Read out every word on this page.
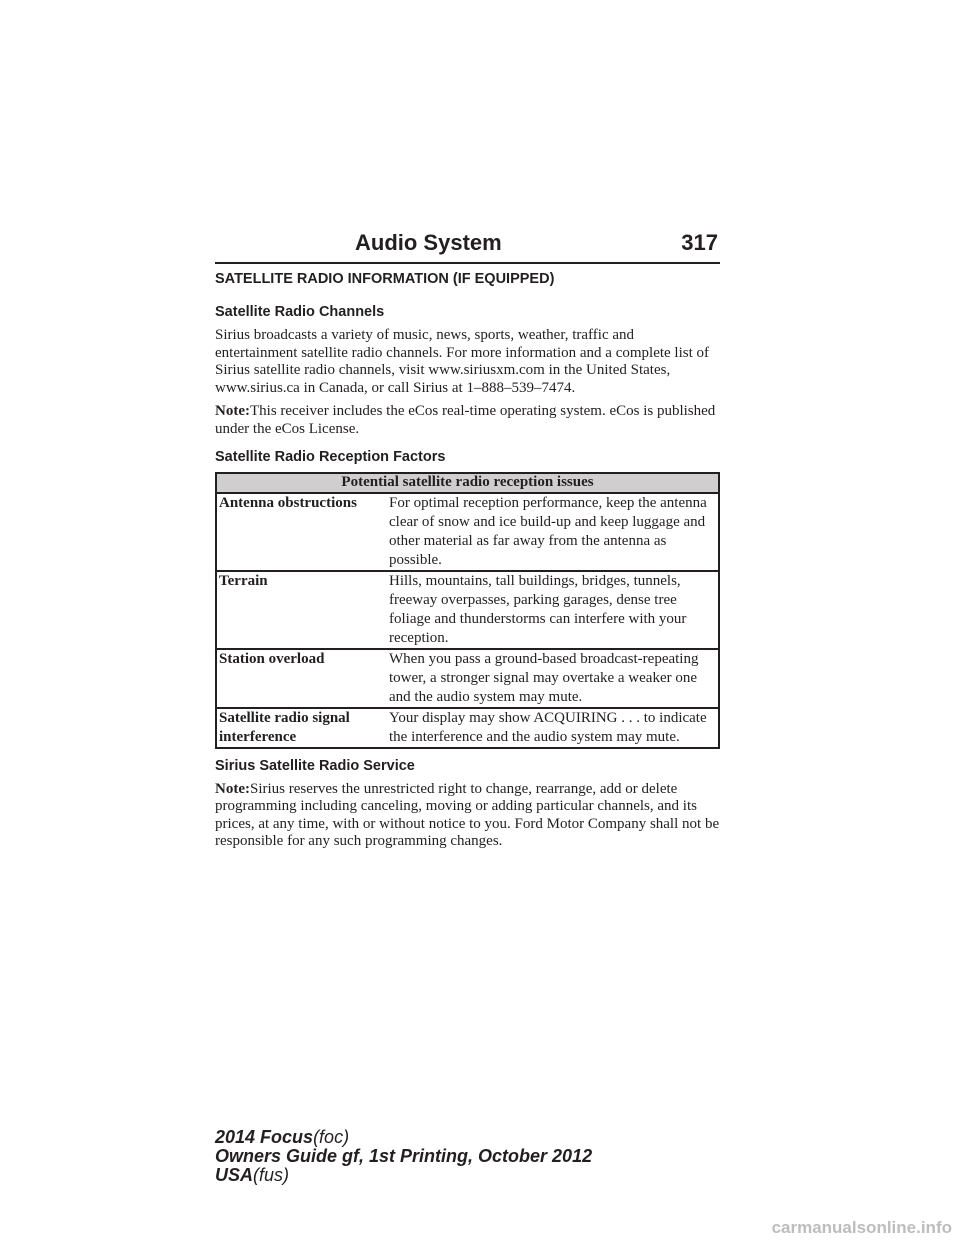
Audio System	317
SATELLITE RADIO INFORMATION (IF EQUIPPED)
Satellite Radio Channels

Sirius broadcasts a variety of music, news, sports, weather, traffic and entertainment satellite radio channels. For more information and a complete list of Sirius satellite radio channels, visit www.siriusxm.com in the United States, www.sirius.ca in Canada, or call Sirius at 1–888–539–7474.

Note:This receiver includes the eCos real-time operating system. eCos is published under the eCos License.

Satellite Radio Reception Factors
Potential satellite radio reception issues	
Antenna obstructions	For optimal reception performance, keep the antenna clear of snow and ice build-up and keep luggage and other material as far away from the antenna as possible.
Terrain	Hills, mountains, tall buildings, bridges, tunnels, freeway overpasses, parking garages, dense tree foliage and thunderstorms can interfere with your reception.
Station overload	When you pass a ground-based broadcast-repeating tower, a stronger signal may overtake a weaker one and the audio system may mute.
Satellite radio signal interference	Your display may show ACQUIRING . . . to indicate the interference and the audio system may mute.
Sirius Satellite Radio Service

Note:Sirius reserves the unrestricted right to change, rearrange, add or delete programming including canceling, moving or adding particular channels, and its prices, at any time, with or without notice to you. Ford Motor Company shall not be responsible for any such programming changes.

2014 Focus(foc)
Owners Guide gf, 1st Printing, October 2012
USA(fus)
carmanualsonline.info
